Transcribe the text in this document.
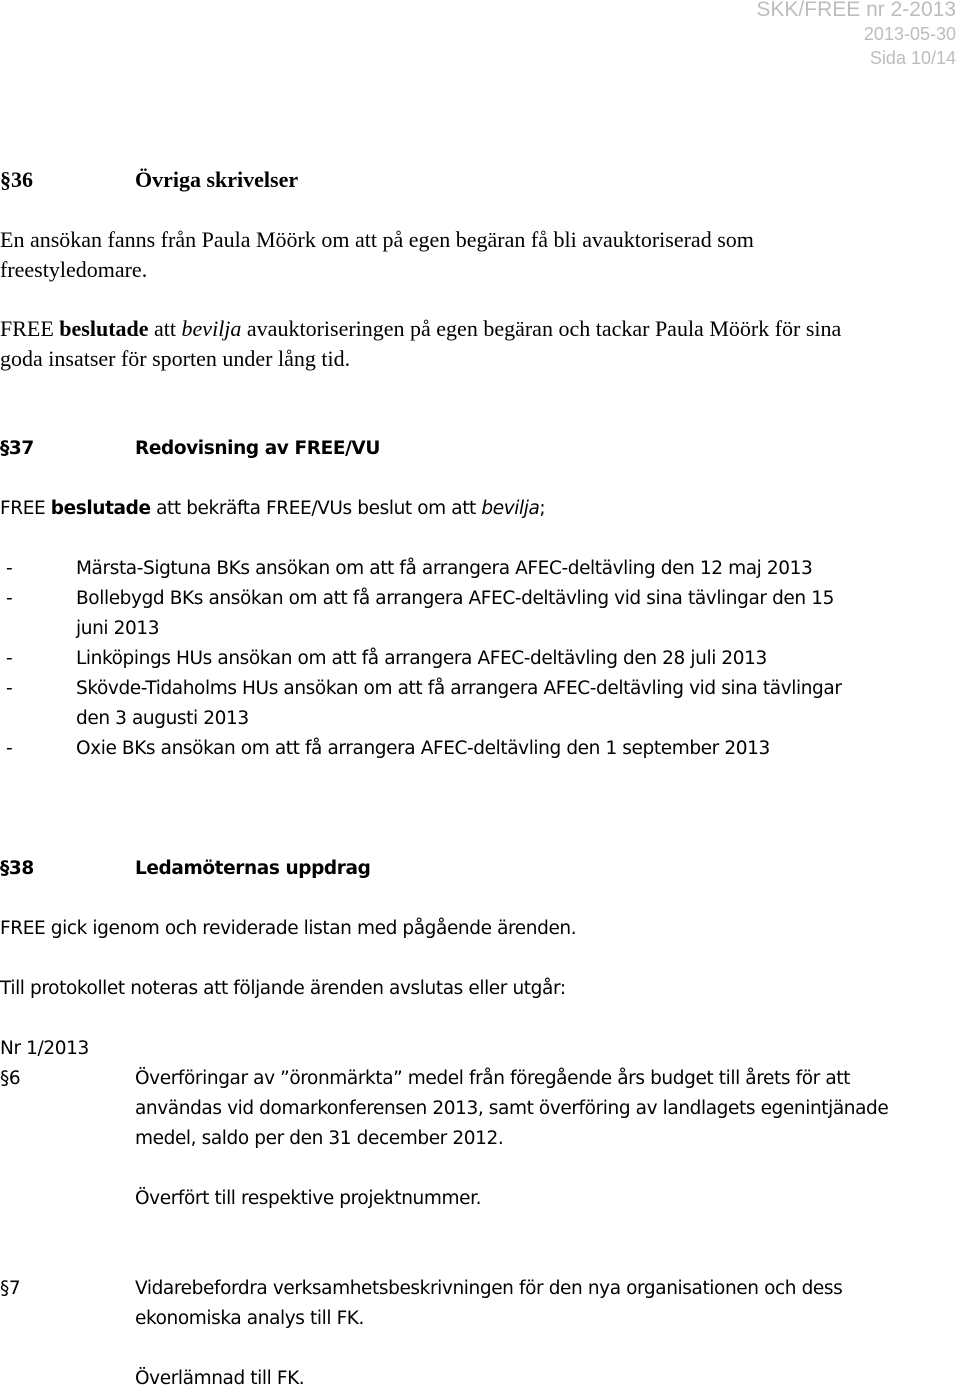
SKK/FREE nr 2-2013
2013-05-30
Sida 10/14
§36	Övriga skrivelser

En ansökan fanns från Paula Möörk om att på egen begäran få bli avauktoriserad som freestyledomare.

FREE beslutade att bevilja avauktoriseringen på egen begäran och tackar Paula Möörk för sina goda insatser för sporten under lång tid.

§37	Redovisning av FREE/VU

FREE beslutade att bekräfta FREE/VUs beslut om att bevilja;

-	Märsta-Sigtuna BKs ansökan om att få arrangera AFEC-deltävling den 12 maj 2013
-	Bollebygd BKs ansökan om att få arrangera AFEC-deltävling vid sina tävlingar den 15 juni 2013
-	Linköpings HUs ansökan om att få arrangera AFEC-deltävling den 28 juli 2013
-	Skövde-Tidaholms HUs ansökan om att få arrangera AFEC-deltävling vid sina tävlingar den 3 augusti 2013
-	Oxie BKs ansökan om att få arrangera AFEC-deltävling den 1 september 2013
§38	Ledamöternas uppdrag

FREE gick igenom och reviderade listan med pågående ärenden.

Till protokollet noteras att följande ärenden avslutas eller utgår:

Nr 1/2013

§6	Överföringar av ”öronmärkta” medel från föregående års budget till årets för att användas vid domarkonferensen 2013, samt överföring av landlagets egenintjänade medel, saldo per den 31 december 2012.
Överfört till respektive projektnummer.
§7	Vidarebefordra verksamhetsbeskrivningen för den nya organisationen och dess ekonomiska analys till FK.
Överlämnad till FK.
